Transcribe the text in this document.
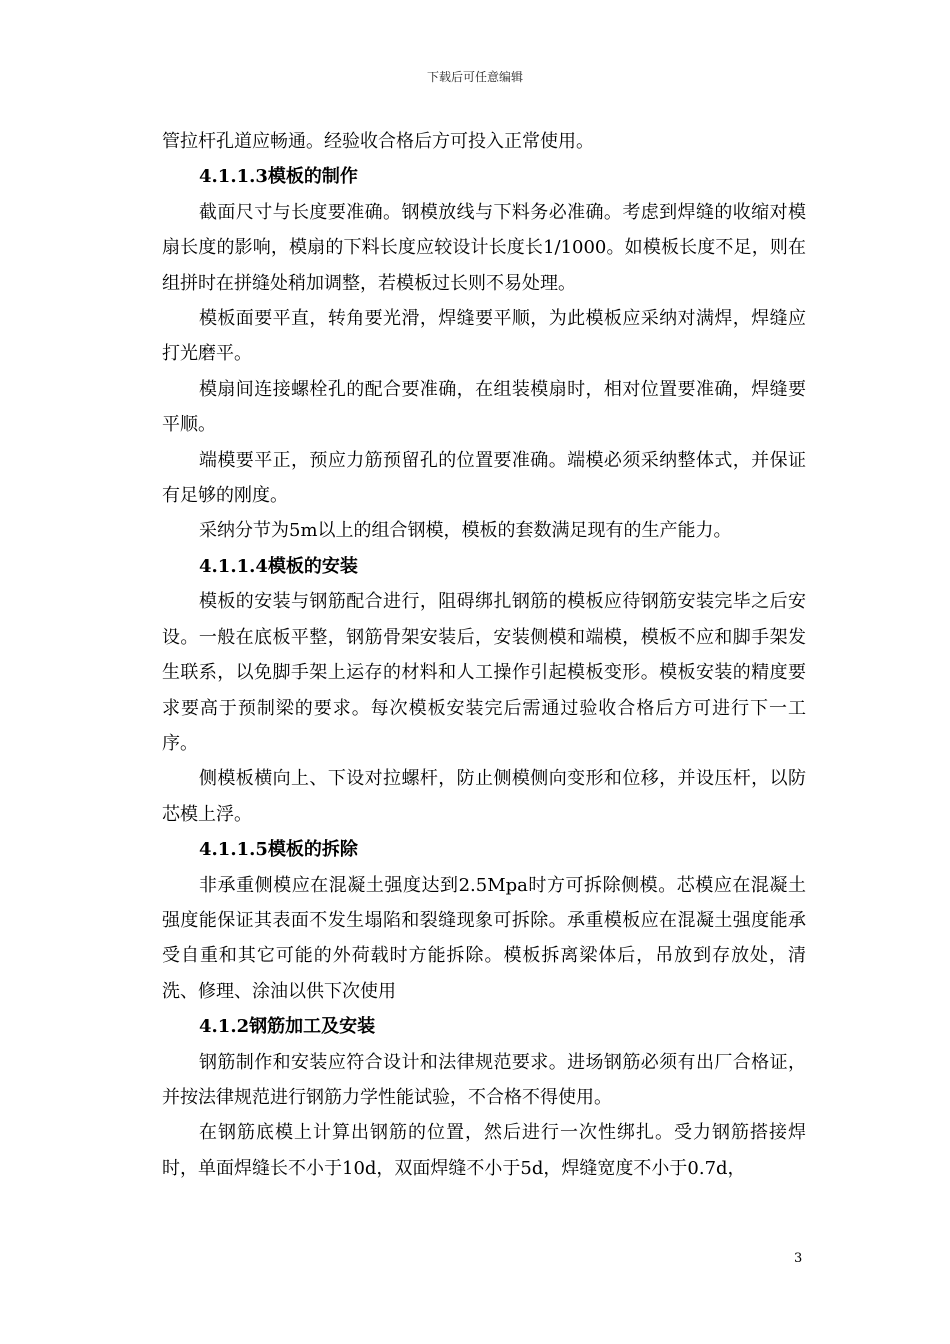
下载后可任意编辑

管拉杆孔道应畅通。经验收合格后方可投入正常使用。

4.1.1.3模板的制作

截面尺寸与长度要准确。钢模放线与下料务必准确。考虑到焊缝的收缩对模扇长度的影响，模扇的下料长度应较设计长度长1/1000。如模板长度不足，则在组拼时在拼缝处稍加调整，若模板过长则不易处理。

模板面要平直，转角要光滑，焊缝要平顺，为此模板应采纳对满焊，焊缝应打光磨平。

模扇间连接螺栓孔的配合要准确，在组装模扇时，相对位置要准确，焊缝要平顺。

端模要平正，预应力筋预留孔的位置要准确。端模必须采纳整体式，并保证有足够的刚度。

采纳分节为5m以上的组合钢模，模板的套数满足现有的生产能力。

4.1.1.4模板的安装

模板的安装与钢筋配合进行，阻碍绑扎钢筋的模板应待钢筋安装完毕之后安设。一般在底板平整，钢筋骨架安装后，安装侧模和端模，模板不应和脚手架发生联系，以免脚手架上运存的材料和人工操作引起模板变形。模板安装的精度要求要高于预制梁的要求。每次模板安装完后需通过验收合格后方可进行下一工序。

侧模板横向上、下设对拉螺杆，防止侧模侧向变形和位移，并设压杆，以防芯模上浮。

4.1.1.5模板的拆除

非承重侧模应在混凝土强度达到2.5Mpa时方可拆除侧模。芯模应在混凝土强度能保证其表面不发生塌陷和裂缝现象可拆除。承重模板应在混凝土强度能承受自重和其它可能的外荷载时方能拆除。模板拆离梁体后，吊放到存放处，清洗、修理、涂油以供下次使用

4.1.2钢筋加工及安装

钢筋制作和安装应符合设计和法律规范要求。进场钢筋必须有出厂合格证，并按法律规范进行钢筋力学性能试验，不合格不得使用。

在钢筋底模上计算出钢筋的位置，然后进行一次性绑扎。受力钢筋搭接焊时，单面焊缝长不小于10d，双面焊缝不小于5d，焊缝宽度不小于0.7d，

3
